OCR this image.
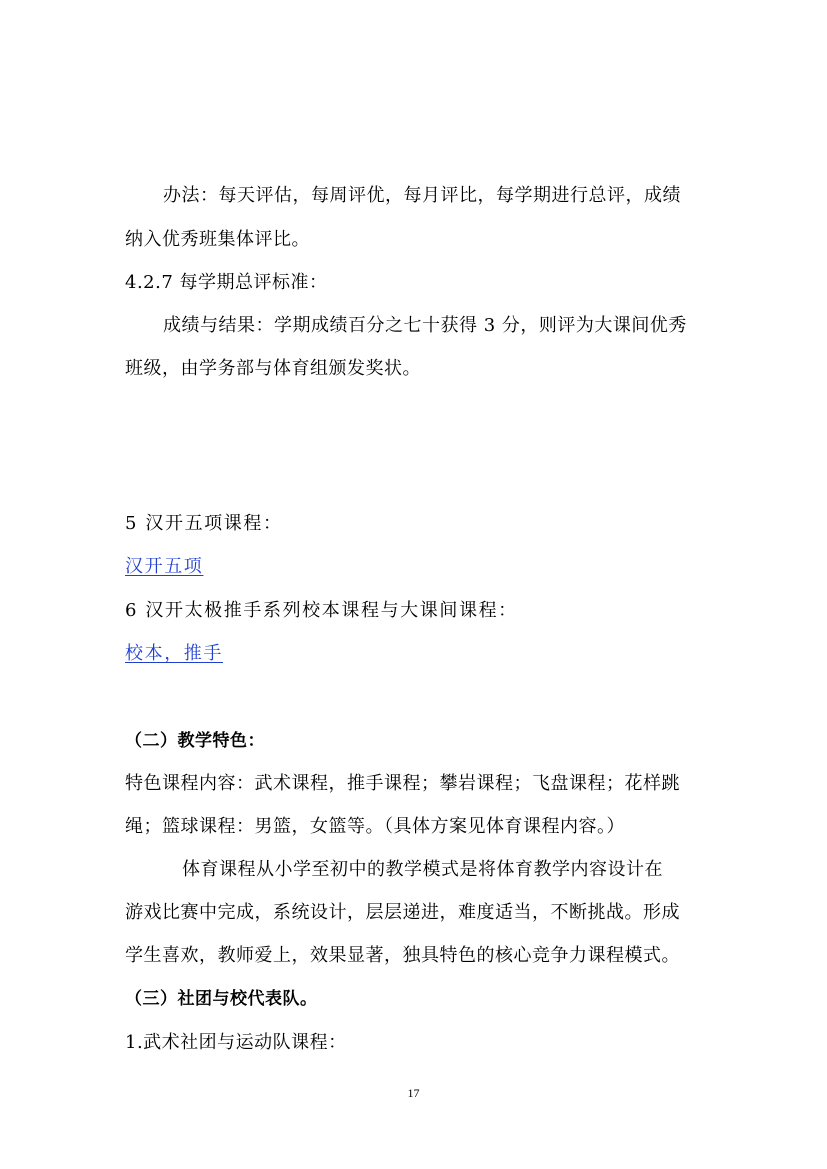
办法：每天评估，每周评优，每月评比，每学期进行总评，成绩
纳入优秀班集体评比。
4.2.7 每学期总评标准：
成绩与结果：学期成绩百分之七十获得 3 分，则评为大课间优秀
班级，由学务部与体育组颁发奖状。
5 汉开五项课程：
汉开五项
6 汉开太极推手系列校本课程与大课间课程：
校本，推手
（二）教学特色：
特色课程内容：武术课程，推手课程；攀岩课程；飞盘课程；花样跳
绳；篮球课程：男篮，女篮等。（具体方案见体育课程内容。）
体育课程从小学至初中的教学模式是将体育教学内容设计在
游戏比赛中完成，系统设计，层层递进，难度适当，不断挑战。形成
学生喜欢，教师爱上，效果显著，独具特色的核心竞争力课程模式。
（三）社团与校代表队。
1.武术社团与运动队课程：
17
